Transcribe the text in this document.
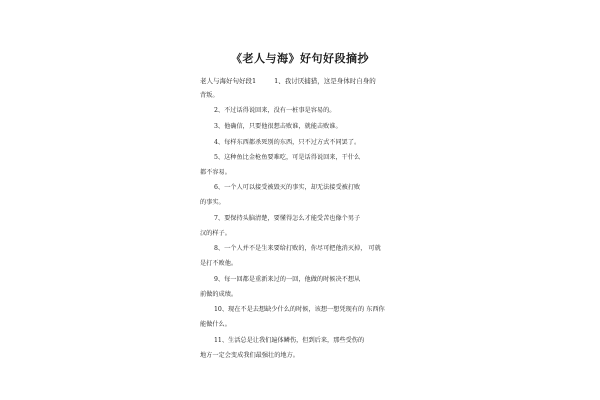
《老人与海》好句好段摘抄
老人与海好句好段1	1、我讨厌捕猎，这是身体时自身的
背叛。
2、不过话得说回来，没有一桩事是容易的。
3、他确信，只要他很想击败谁，就能击败谁。
4、每样东西都杀死别的东西，只不过方式不同罢了。
5、这种鱼比金枪鱼要难吃，可是话得说回来，干什么
都不容易。
6、一个人可以接受被毁灭的事实，却无法接受被打败
的事实。
7、要保持头脑清楚，要懂得怎么才能受苦也像个男子
汉的样子。
8、一个人并不是生来要给打败的，你尽可把他消灭掉， 可就
是打不败他。
9、每一回都是重新来过的一回，他做的时候决不想从
前做的成绩。
10、现在不是去想缺少什么的时候，该想一想凭现有的 东西你
能做什么。
11、生活总是让我们遍体鳞伤，但到后来，那些受伤的
地方一定会变成我们最强壮的地方。
